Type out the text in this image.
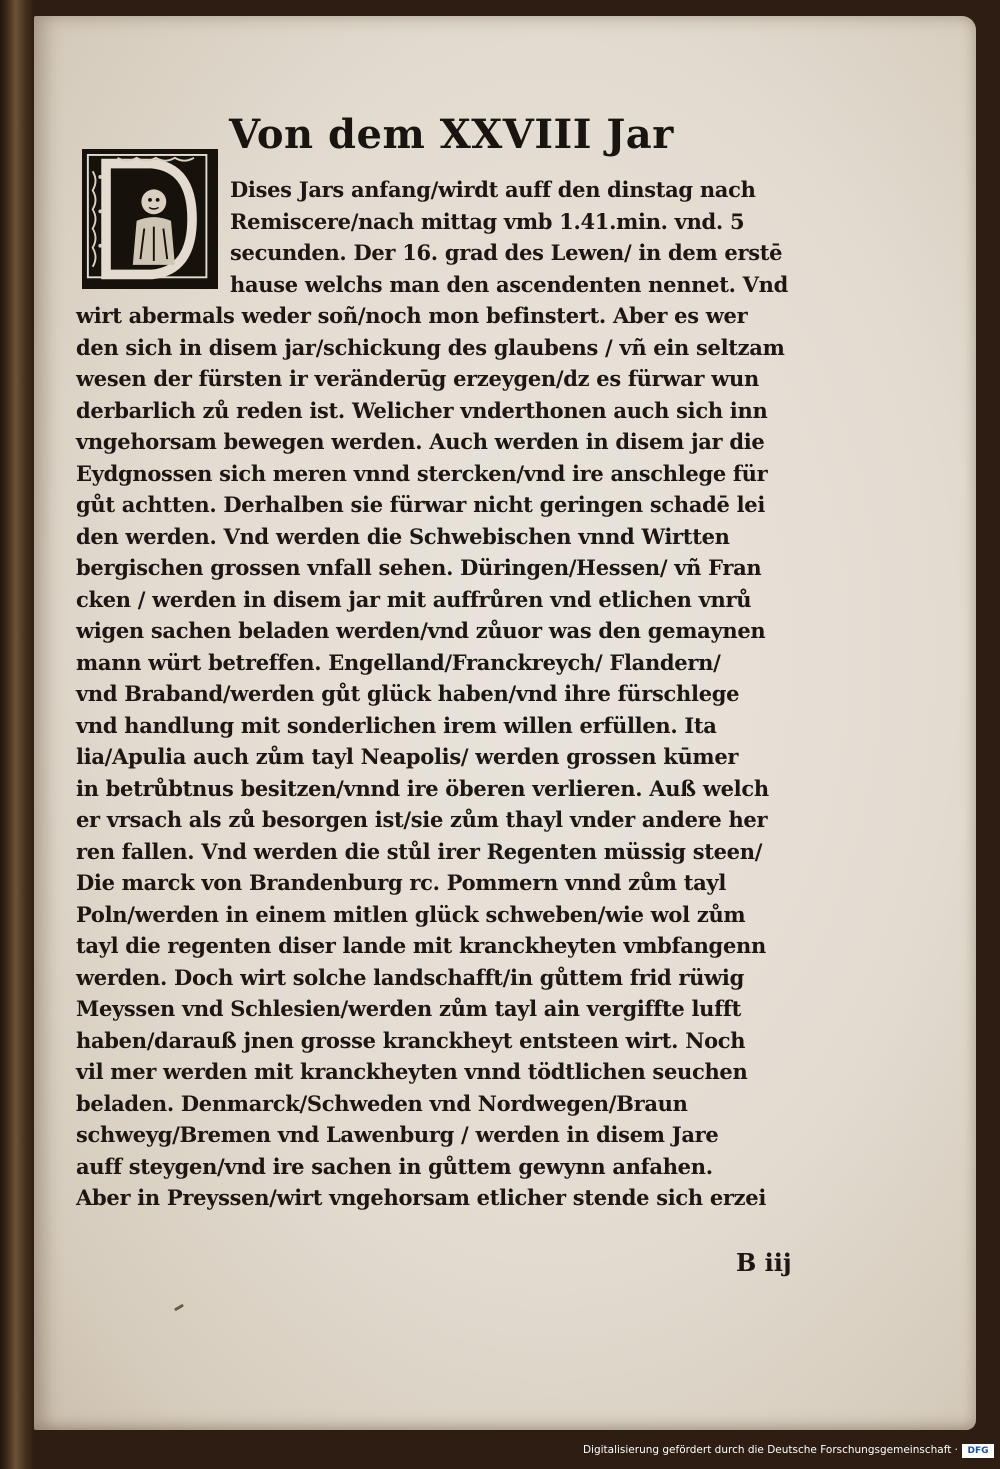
Von dem XXVIII Jar
Dises Jars anfang/wirdt auff den dinstag nach
Remiscere/nach mittag vmb 1.41.min. vnd. 5
secunden. Der 16. grad des Lewen/ in dem erstē
hause welchs man den ascendenten nennet. Vnd
wirt abermals weder soñ/noch mon befinstert. Aber es wer
den sich in disem jar/schickung des glaubens / vñ ein seltzam
wesen der fürsten ir veränderūg erzeygen/dz es fürwar wun
derbarlich zů reden ist. Welicher vnderthonen auch sich inn
vngehorsam bewegen werden. Auch werden in disem jar die
Eydgnossen sich meren vnnd stercken/vnd ire anschlege für
gůt achtten. Derhalben sie fürwar nicht geringen schadē lei
den werden. Vnd werden die Schwebischen vnnd Wirtten
bergischen grossen vnfall sehen. Düringen/Hessen/ vñ Fran
cken / werden in disem jar mit auffrůren vnd etlichen vnrů
wigen sachen beladen werden/vnd zůuor was den gemaynen
mann würt betreffen. Engelland/Franckreych/ Flandern/
vnd Braband/werden gůt glück haben/vnd ihre fürschlege
vnd handlung mit sonderlichen irem willen erfüllen. Ita
lia/Apulia auch zům tayl Neapolis/ werden grossen kūmer
in betrůbtnus besitzen/vnnd ire öberen verlieren. Auß welch
er vrsach als zů besorgen ist/sie zům thayl vnder andere her
ren fallen. Vnd werden die stůl irer Regenten müssig steen/
Die marck von Brandenburg rc. Pommern vnnd zům tayl
Poln/werden in einem mitlen glück schweben/wie wol zům
tayl die regenten diser lande mit kranckheyten vmbfangenn
werden. Doch wirt solche landschafft/in gůttem frid rüwig
Meyssen vnd Schlesien/werden zům tayl ain vergiffte lufft
haben/darauß jnen grosse kranckheyt entsteen wirt. Noch
vil mer werden mit kranckheyten vnnd tödtlichen seuchen
beladen. Denmarck/Schweden vnd Nordwegen/Braun
schweyg/Bremen vnd Lawenburg / werden in disem Jare
auff steygen/vnd ire sachen in gůttem gewynn anfahen.
Aber in Preyssen/wirt vngehorsam etlicher stende sich erzei

B iij

Digitalisierung gefördert durch die Deutsche Forschungsgemeinschaft ·	DFG
